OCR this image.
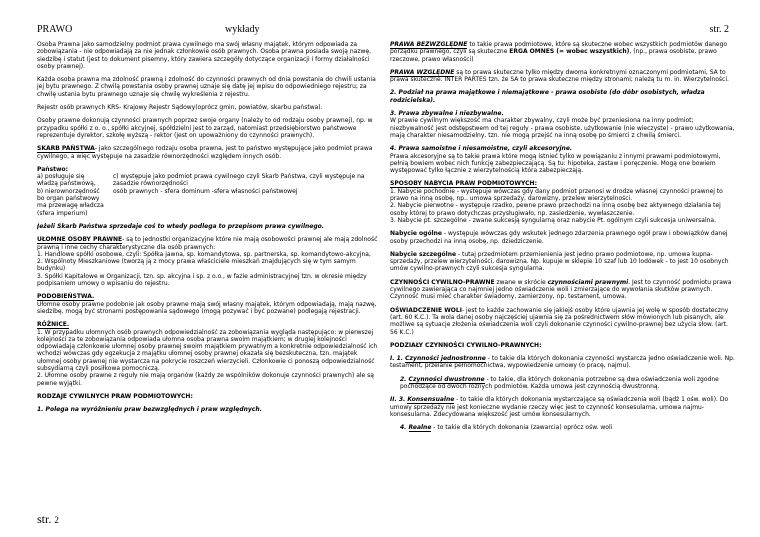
PRAWO	wykłady

Osoba Prawna jako samodzielny podmiot prawa cywilnego ma swój własny majątek, którym odpowiada za zobowiązania - nie odpowiadają za nie jednak członkowie osób prawnych. Osoba prawna posiada swoją nazwę, siedzibę i statut (jest to dokument pisemny, który zawiera szczegóły dotyczące organizacji i formy działalności osoby prawnej).

Każda osoba prawna ma zdolność prawną i zdolność do czynności prawnych od dnia powstania do chwili ustania jej bytu prawnego. Z chwilą powstania osoby prawnej uznaje się datę jej wpisu do odpowiedniego rejestru; za chwilę ustania bytu prawnego uznaje się chwilę wykreślenia z rejestru.

Rejestr osób prawnych KRS- Krajowy Rejestr Sądowy(oprócz gmin, powiatów, skarbu państwa).

Osoby prawne dokonują czynności prawnych poprzez swoje organy (należy to od rodzaju osoby prawnej), np. w przypadku spółki z o. o., spółki akcyjnej, spółdzielni jest to zarząd, natomiast przedsiębiorstwo państwowe reprezentuje dyrektor, szkołę wyższą - rektor (jest on upoważniony do czynności prawnych).

SKARB PAŃSTWA- jako szczególnego rodzaju osoba prawna, jest to państwo występujące jako podmiot prawa cywilnego, a więc występuje na zasadzie równorzędności względem innych osób.

Państwo:
a) posługuje się władzą państwową,
c) występuje jako podmiot prawa cywilnego czyli Skarb Państwa, czyli występuje na zasadzie równorzędności
b) nierownorzędność bo organ państwowy ma przewagę władcza (sfera imperium)
osób prawnych - sfera dominum -sfera własności państwowej

Jeżeli Skarb Państwa sprzedaje coś to wtedy podlega to przepisom prawa cywilnego.

UŁOMNE OSOBY PRAWNE- są to jednostki organizacyjne które nie mają osobowości prawnej ale mają zdolność prawną i inne cechy charakterystyczne dla osób prawnych:
1. Handlowe spółki osobowe, czyli: Spółka jawna, sp. komandytowa, sp. partnerska, sp. komandytowo-akcyjna,
2. Wspólnoty Mieszkaniowe (tworzą ją z mocy prawa właściciele mieszkań znajdujących się w tym samym budynku)
3. Spółki Kapitałowe w Organizacji, tzn. sp. akcyjna i sp. z o.o., w fazie administracyjnej tzn. w okresie między podpisaniem umowy o wpisaniu do rejestru.

PODOBIEŃSTWA.
Ułomne osoby prawne podobnie jak osoby prawne mają swój własny majątek, którym odpowiadają, mają nazwę, siedzibę, mogą być stronami postępowania sądowego (mogą pozywać i być pozwane) podlegają rejestracji.

RÓŻNICE.
1. W przypadku ułomnych osób prawnych odpowiedzialność za zobowiązania wygląda następująco: w pierwszej kolejności za te zobowiązania odpowiada ułomna osoba prawna swoim majątkiem; w drugiej kolejności odpowiadają członkowie ułomnej osoby prawnej swoim majątkiem prywatnym a konkretnie odpowiedzialność ich wchodzi wówczas gdy egzekucja z majątku ułomnej osoby prawnej okazała się bezskuteczna, tzn. majątek ułomnej osoby prawnej nie wystarcza na pokrycie roszczeń wierzycieli. Członkowie ci ponoszą odpowiedzialność subsydiarną czyli posiłkowa pomocniczą.
2. Ułomne osoby prawne z reguły nie mają organów (każdy ze wspólników dokonuje czynności prawnych) ale są pewne wyjątki.

RODZAJE CYWILNYCH PRAW PODMIOTOWYCH:

1. Polega na wyróżnieniu praw bezwzględnych i praw względnych.

str. 2

PRAWA BEZWZGLĘDNE to takie prawa podmiotowe, które są skuteczne wobec wszystkich podmiotów danego porządku prawnego, czyli są skuteczne ERGA OMNES (= wobec wszystkich), (np., prawa osobiste, prawo rzeczowe, prawo własności)

PRAWA WZGLĘDNE są to prawa skuteczne tylko między dwoma konkretnymi oznaczonymi podmiotami, SA to prawa skuteczne. INTER PARTES tzn. że SA to prawa skuteczne między stronami; należą tu m. in. Wierzytelności.

2. Podział na prawa majątkowe i niemajątkowe - prawa osobiste (do dóbr osobistych, władza rodzicielska).

3. Prawa zbywalne i niezbywalne.
W prawie cywilnym większość ma charakter zbywalny, czyli może być przeniesiona na inny podmiot; niezbywalność jest odstępstwem od tej reguły - prawa osobiste, użytkowanie (nie wieczyste) - prawo użytkowania, mają charakter niesamodzielny, tzn. nie mogą przejść na inną osobę po śmierci z chwilą śmierci.

4. Prawa samoistne i niesamoistne, czyli akcesoryjne.
Prawa akcesoryjne są to takie prawa które mogą istnieć tylko w powiązaniu z innymi prawami podmiotowymi, pełnią bowiem wobec nich funkcję zabezpieczającą. Są tu: hipoteka, zastaw i poręczenie. Mogą one bowiem występować tylko łącznie z wierzytelnością która zabezpieczają.

SPOSOBY NABYCIA PRAW PODMIOTOWYCH:
1. Nabycie pochodnie - występuje wówczas gdy dany podmiot przenosi w drodze własnej czynności prawnej to prawo na inną osobę, np.. umowa sprzedaży, darowizny, przelew wierzytelności.
2. Nabycie pierwotne - występuje rzadko, pewne prawo przechodzi na inną osobę bez aktywnego działania tej osoby której to prawo dotychczas przysługiwało, np. zasiedzenie, wywłaszczenie.
3. Nabycie pt. szczególne - zwane sukcesją syngularną oraz nabycie Pt. ogólnym czyli sukcesja uniwersalna.

Nabycie ogólne - występuje wówczas gdy wskutek jednego zdarzenia prawnego ogół praw i obowiązków danej osoby przechodzi na inną osobę, np. dziedziczenie.

Nabycie szczególne - tutaj przedmiotem przemienienia jest jedno prawo podmiotowe, np. umowa kupna-sprzedaży, przelew wierzytelności, darowizna. Np. kupuje w sklepie 10 szaf lub 10 lodówek - to jest 10 osobnych umów cywilno-prawnych czyli sukcesja syngularna.

CZYNNOŚCI CYWILNO-PRAWNE zwane w skrócie czynnościami prawnymi. Jest to czynność podmiotu prawa cywilnego zawierająca co najmniej jedno oświadczenie woli i zmierzające do wywołania skutków prawnych. Czynność musi mieć charakter świadomy, zamierzony, np. testament, umowa.

OŚWIADCZENIE WOLI- jest to każde zachowanie się jakiejś osoby które ujawnia jej wolę w sposób dostateczny (art. 60 K.C.). Ta wola danej osoby najczęściej ujawnia się za pośrednictwem słów mówionych lub pisanych, ale możliwe są sytuacje złożenia oświadczenia woli czyli dokonanie czynności cywilno-prawnej bez użycia słow. (art. 56 K.C.)

PODZIAŁY CZYNNOŚCI CYWILNO-PRAWNYCH:

I. 1. Czynności jednostronne - to takie dla których dokonania czynności wystarcza jedno oświadczenie woli. Np. testament, przelanie pełnomocnictwa, wypowiedzenie umowy (o pracę, najmu).

2. Czynności dwustronne - to takie, dla których dokonania potrzebne są dwa oświadczenia woli zgodne pochodzące od dwóch rożnych podmiotów. Każda umowa jest czynnością dwustronną.

II. 3. Konsensualne - to takie dla których dokonania wystarczające są oświadczenia woli (bądź 1 ośw. woli). Do umowy sprzedaży nie jest konieczne wydanie rzeczy więc jest to czynność konsesularna, umowa najmu-konsesularna. Zdecydowana większość jest umów konsesularnych.

4. Realne - to takie dla których dokonania (zawarcia) oprócz ośw. woli

str. 2
